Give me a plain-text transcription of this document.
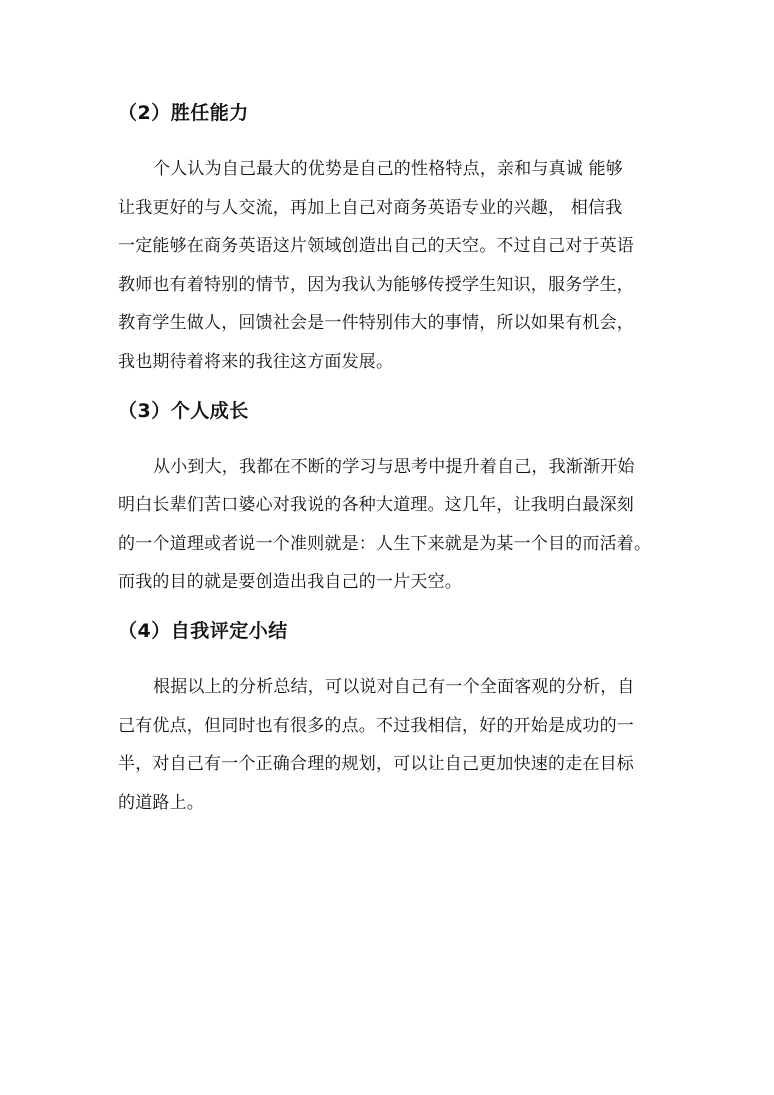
（2）胜任能力
个人认为自己最大的优势是自己的性格特点，亲和与真诚 能够
让我更好的与人交流，再加上自己对商务英语专业的兴趣， 相信我
一定能够在商务英语这片领域创造出自己的天空。不过自己对于英语
教师也有着特别的情节，因为我认为能够传授学生知识，服务学生，
教育学生做人，回馈社会是一件特别伟大的事情，所以如果有机会，
我也期待着将来的我往这方面发展。
（3）个人成长
从小到大，我都在不断的学习与思考中提升着自己，我渐渐开始
明白长辈们苦口婆心对我说的各种大道理。这几年，让我明白最深刻
的一个道理或者说一个准则就是：人生下来就是为某一个目的而活着。
而我的目的就是要创造出我自己的一片天空。
（4）自我评定小结
根据以上的分析总结，可以说对自己有一个全面客观的分析，自
己有优点，但同时也有很多的点。不过我相信，好的开始是成功的一
半，对自己有一个正确合理的规划，可以让自己更加快速的走在目标
的道路上。
